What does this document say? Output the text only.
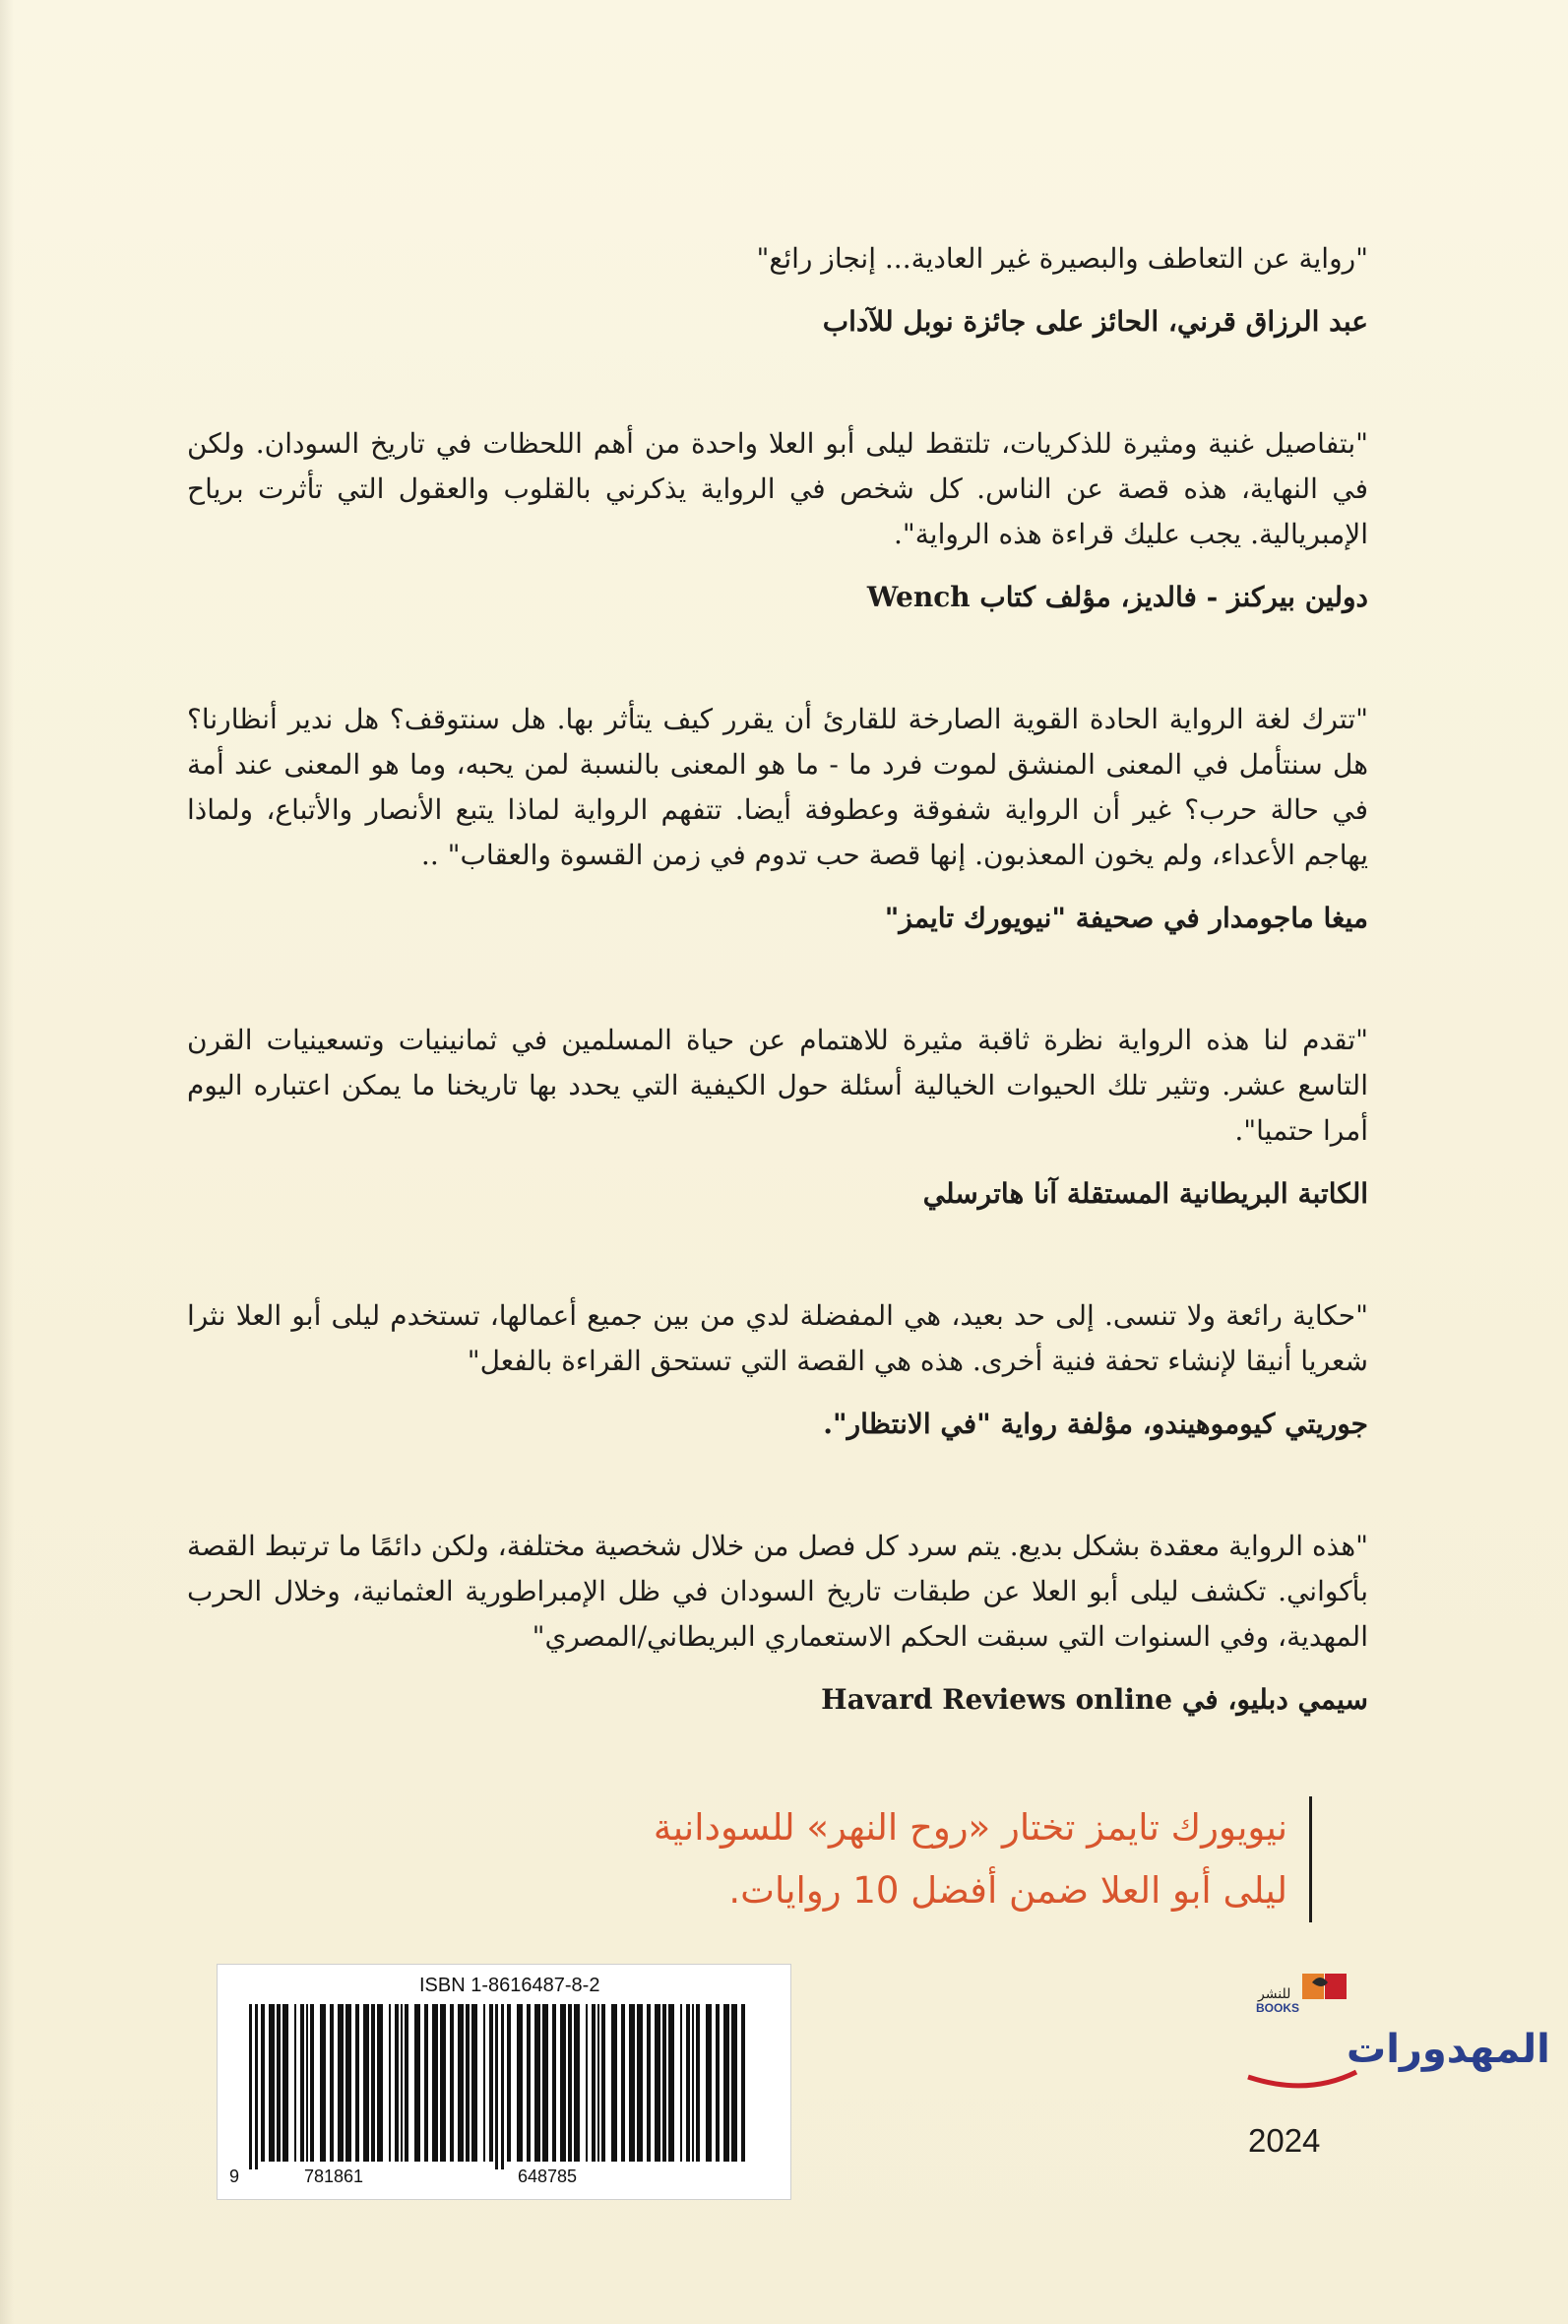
"رواية عن التعاطف والبصيرة غير العادية... إنجاز رائع"

عبد الرزاق قرني، الحائز على جائزة نوبل للآداب

"بتفاصيل غنية ومثيرة للذكريات، تلتقط ليلى أبو العلا واحدة من أهم اللحظات في تاريخ السودان. ولكن في النهاية، هذه قصة عن الناس. كل شخص في الرواية يذكرني بالقلوب والعقول التي تأثرت برياح الإمبريالية. يجب عليك قراءة هذه الرواية".

دولين بيركنز - فالديز، مؤلف كتاب Wench

"تترك لغة الرواية الحادة القوية الصارخة للقارئ أن يقرر كيف يتأثر بها. هل سنتوقف؟ هل ندير أنظارنا؟ هل سنتأمل في المعنى المنشق لموت فرد ما - ما هو المعنى بالنسبة لمن يحبه، وما هو المعنى عند أمة في حالة حرب؟ غير أن الرواية شفوقة وعطوفة أيضا. تتفهم الرواية لماذا يتبع الأنصار والأتباع، ولماذا يهاجم الأعداء، ولم يخون المعذبون. إنها قصة حب تدوم في زمن القسوة والعقاب" ..

ميغا ماجومدار في صحيفة "نيويورك تايمز"

"تقدم لنا هذه الرواية نظرة ثاقبة مثيرة للاهتمام عن حياة المسلمين في ثمانينيات وتسعينيات القرن التاسع عشر. وتثير تلك الحيوات الخيالية أسئلة حول الكيفية التي يحدد بها تاريخنا ما يمكن اعتباره اليوم أمرا حتميا".

الكاتبة البريطانية المستقلة آنا هاترسلي

"حكاية رائعة ولا تنسى. إلى حد بعيد، هي المفضلة لدي من بين جميع أعمالها، تستخدم ليلى أبو العلا نثرا شعريا أنيقا لإنشاء تحفة فنية أخرى. هذه هي القصة التي تستحق القراءة بالفعل"

جوريتي كيوموهيندو، مؤلفة رواية "في الانتظار".

"هذه الرواية معقدة بشكل بديع. يتم سرد كل فصل من خلال شخصية مختلفة، ولكن دائمًا ما ترتبط القصة بأكواني. تكشف ليلى أبو العلا عن طبقات تاريخ السودان في ظل الإمبراطورية العثمانية، وخلال الحرب المهدية، وفي السنوات التي سبقت الحكم الاستعماري البريطاني/المصري"

سيمي دبليو، في Havard Reviews online

نيويورك تايمز تختار «روح النهر» للسودانية

ليلى أبو العلا ضمن أفضل 10 روايات.

ISBN 1-8616487-8-2
9	781861	648785
للنشر
BOOKS
المهدورات
2024
